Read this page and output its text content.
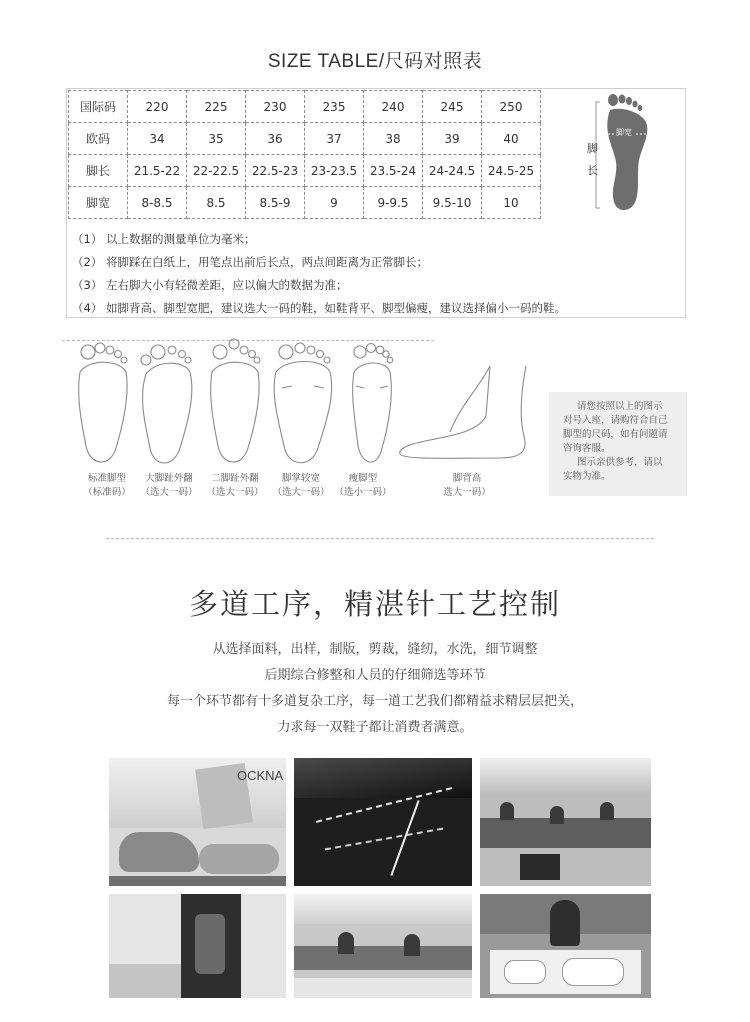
SIZE TABLE/尺码对照表
国际码	220	225	230	235	240	245	250
欧码	34	35	36	37	38	39	40
脚长	21.5-22	22-22.5	22.5-23	23-23.5	23.5-24	24-24.5	24.5-25
脚宽	8-8.5	8.5	8.5-9	9	9-9.5	9.5-10	10
脚长
脚宽
（1） 以上数据的测量单位为毫米；
（2） 将脚踩在白纸上，用笔点出前后长点，两点间距离为正常脚长；
（3） 左右脚大小有轻微差距，应以偏大的数据为准；
（4） 如脚背高、脚型宽肥，建议选大一码的鞋，如鞋背平、脚型偏瘦，建议选择偏小一码的鞋。
标准脚型
（标准码）
大脚趾外翻
（选大一码）
二脚趾外翻
（选大一码）
脚掌较宽
（选大一码）
瘦脚型
（选小一码）
脚背高
选大一码）
请您按照以上的图示
对号入座，请购符合自己
脚型的尺码，如有问题请
咨询客服。
图示亲供参考，请以
实物为准。
多道工序，精湛针工艺控制
从选择面料，出样，制版，剪裁，缝纫，水洗，细节调整
后期综合修整和人员的仔细筛选等环节
每一个环节都有十多道复杂工序，每一道工艺我们都精益求精层层把关，
力求每一双鞋子都让消费者满意。
OCKNA
